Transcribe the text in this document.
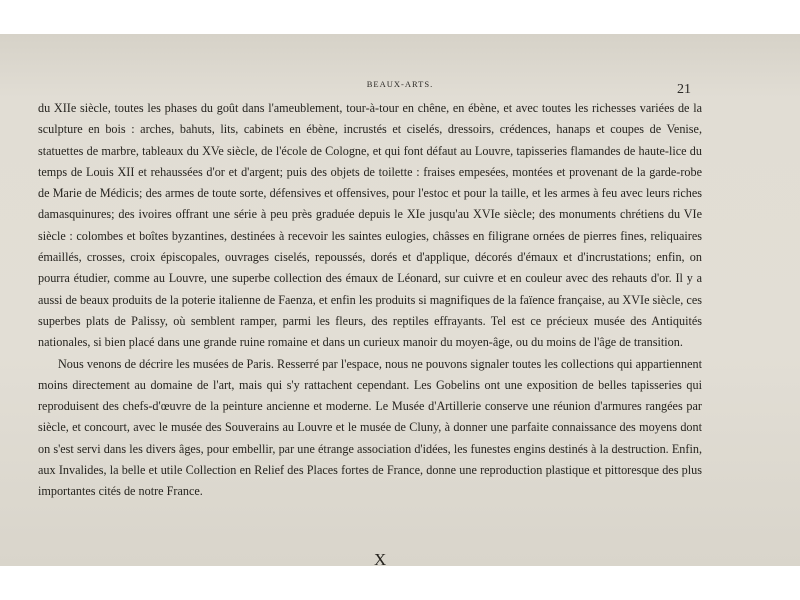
BEAUX-ARTS.	21

du XIIe siècle, toutes les phases du goût dans l'ameublement, tour-à-tour en chêne, en ébène, et avec toutes les richesses variées de la sculpture en bois : arches, bahuts, lits, cabinets en ébène, incrustés et ciselés, dressoirs, crédences, hanaps et coupes de Venise, statuettes de marbre, tableaux du XVe siècle, de l'école de Cologne, et qui font défaut au Louvre, tapisseries flamandes de haute-lice du temps de Louis XII et rehaussées d'or et d'argent; puis des objets de toilette : fraises empesées, montées et provenant de la garde-robe de Marie de Médicis; des armes de toute sorte, défensives et offensives, pour l'estoc et pour la taille, et les armes à feu avec leurs riches damasquinures; des ivoires offrant une série à peu près graduée depuis le XIe jusqu'au XVIe siècle; des monuments chrétiens du VIe siècle : colombes et boîtes byzantines, destinées à recevoir les saintes eulogies, châsses en filigrane ornées de pierres fines, reliquaires émaillés, crosses, croix épiscopales, ouvrages ciselés, repoussés, dorés et d'applique, décorés d'émaux et d'incrustations; enfin, on pourra étudier, comme au Louvre, une superbe collection des émaux de Léonard, sur cuivre et en couleur avec des rehauts d'or. Il y a aussi de beaux produits de la poterie italienne de Faenza, et enfin les produits si magnifiques de la faïence française, au XVIe siècle, ces superbes plats de Palissy, où semblent ramper, parmi les fleurs, des reptiles effrayants. Tel est ce précieux musée des Antiquités nationales, si bien placé dans une grande ruine romaine et dans un curieux manoir du moyen-âge, ou du moins de l'âge de transition.

Nous venons de décrire les musées de Paris. Resserré par l'espace, nous ne pouvons signaler toutes les collections qui appartiennent moins directement au domaine de l'art, mais qui s'y rattachent cependant. Les Gobelins ont une exposition de belles tapisseries qui reproduisent des chefs-d'œuvre de la peinture ancienne et moderne. Le Musée d'Artillerie conserve une réunion d'armures rangées par siècle, et concourt, avec le musée des Souverains au Louvre et le musée de Cluny, à donner une parfaite connaissance des moyens dont on s'est servi dans les divers âges, pour embellir, par une étrange association d'idées, les funestes engins destinés à la destruction. Enfin, aux Invalides, la belle et utile Collection en Relief des Places fortes de France, donne une reproduction plastique et pittoresque des plus importantes cités de notre France.

X
